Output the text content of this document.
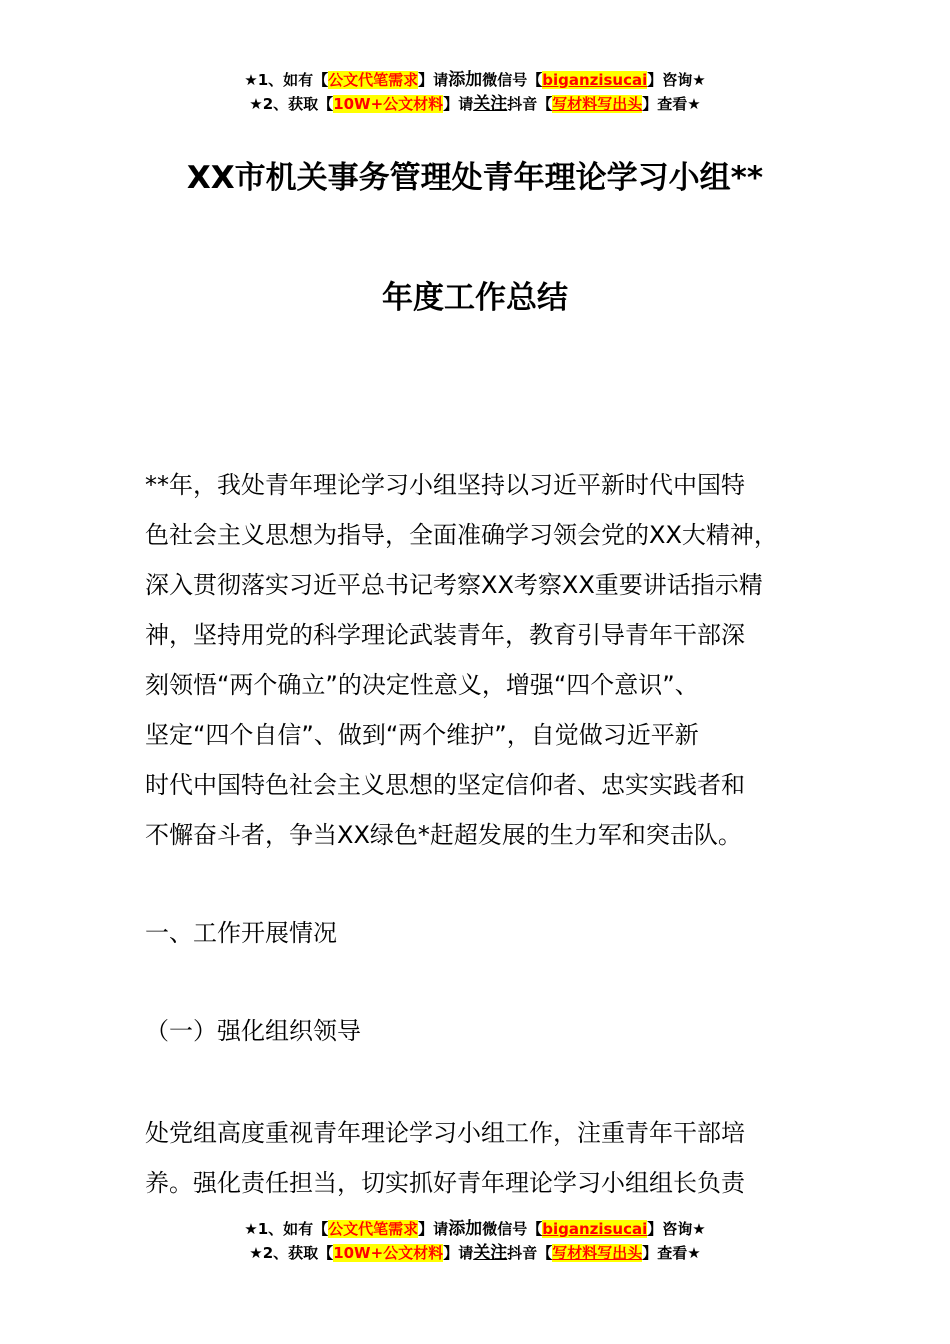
★1、如有【公文代笔需求】请添加微信号【biganzisucai】咨询★
★2、获取【10W+公文材料】请关注抖音【写材料写出头】查看★
XX市机关事务管理处青年理论学习小组**
年度工作总结
**年，我处青年理论学习小组坚持以习近平新时代中国特
色社会主义思想为指导，全面准确学习领会党的XX大精神，
深入贯彻落实习近平总书记考察XX考察XX重要讲话指示精
神，坚持用党的科学理论武装青年，教育引导青年干部深
刻领悟“两个确立”的决定性意义，增强“四个意识”、
坚定“四个自信”、做到“两个维护”，自觉做习近平新
时代中国特色社会主义思想的坚定信仰者、忠实实践者和
不懈奋斗者，争当XX绿色*赶超发展的生力军和突击队。
一、工作开展情况
（一）强化组织领导
处党组高度重视青年理论学习小组工作，注重青年干部培
养。强化责任担当，切实抓好青年理论学习小组组长负责
★1、如有【公文代笔需求】请添加微信号【biganzisucai】咨询★
★2、获取【10W+公文材料】请关注抖音【写材料写出头】查看★
